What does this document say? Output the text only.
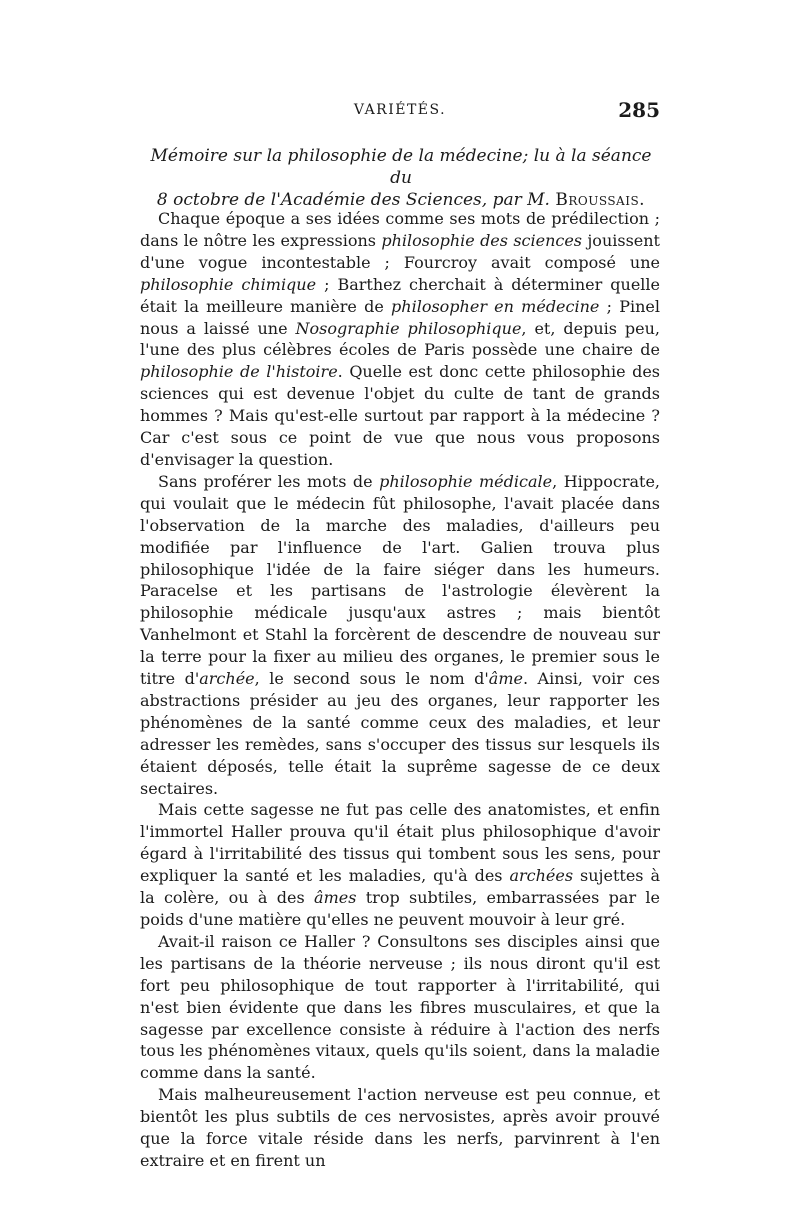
VARIÉTÉS.	285
Mémoire sur la philosophie de la médecine; lu à la séance du
8 octobre de l'Académie des Sciences, par M. Broussais.

Chaque époque a ses idées comme ses mots de prédilection ; dans le nôtre les expressions philosophie des sciences jouissent d'une vogue incontestable ; Fourcroy avait composé une philosophie chimique ; Barthez cherchait à déterminer quelle était la meilleure manière de philosopher en médecine ; Pinel nous a laissé une Nosographie philosophique, et, depuis peu, l'une des plus célèbres écoles de Paris possède une chaire de philosophie de l'histoire. Quelle est donc cette philosophie des sciences qui est devenue l'objet du culte de tant de grands hommes ? Mais qu'est-elle surtout par rapport à la médecine ? Car c'est sous ce point de vue que nous vous proposons d'envisager la question.

Sans proférer les mots de philosophie médicale, Hippocrate, qui voulait que le médecin fût philosophe, l'avait placée dans l'observation de la marche des maladies, d'ailleurs peu modifiée par l'influence de l'art. Galien trouva plus philosophique l'idée de la faire siéger dans les humeurs. Paracelse et les partisans de l'astrologie élevèrent la philosophie médicale jusqu'aux astres ; mais bientôt Vanhelmont et Stahl la forcèrent de descendre de nouveau sur la terre pour la fixer au milieu des organes, le premier sous le titre d'archée, le second sous le nom d'âme. Ainsi, voir ces abstractions présider au jeu des organes, leur rapporter les phénomènes de la santé comme ceux des maladies, et leur adresser les remèdes, sans s'occuper des tissus sur lesquels ils étaient déposés, telle était la suprême sagesse de ce deux sectaires.

Mais cette sagesse ne fut pas celle des anatomistes, et enfin l'immortel Haller prouva qu'il était plus philosophique d'avoir égard à l'irritabilité des tissus qui tombent sous les sens, pour expliquer la santé et les maladies, qu'à des archées sujettes à la colère, ou à des âmes trop subtiles, embarrassées par le poids d'une matière qu'elles ne peuvent mouvoir à leur gré.

Avait-il raison ce Haller ? Consultons ses disciples ainsi que les partisans de la théorie nerveuse ; ils nous diront qu'il est fort peu philosophique de tout rapporter à l'irritabilité, qui n'est bien évidente que dans les fibres musculaires, et que la sagesse par excellence consiste à réduire à l'action des nerfs tous les phénomènes vitaux, quels qu'ils soient, dans la maladie comme dans la santé.

Mais malheureusement l'action nerveuse est peu connue, et bientôt les plus subtils de ces nervosistes, après avoir prouvé que la force vitale réside dans les nerfs, parvinrent à l'en extraire et en firent un
